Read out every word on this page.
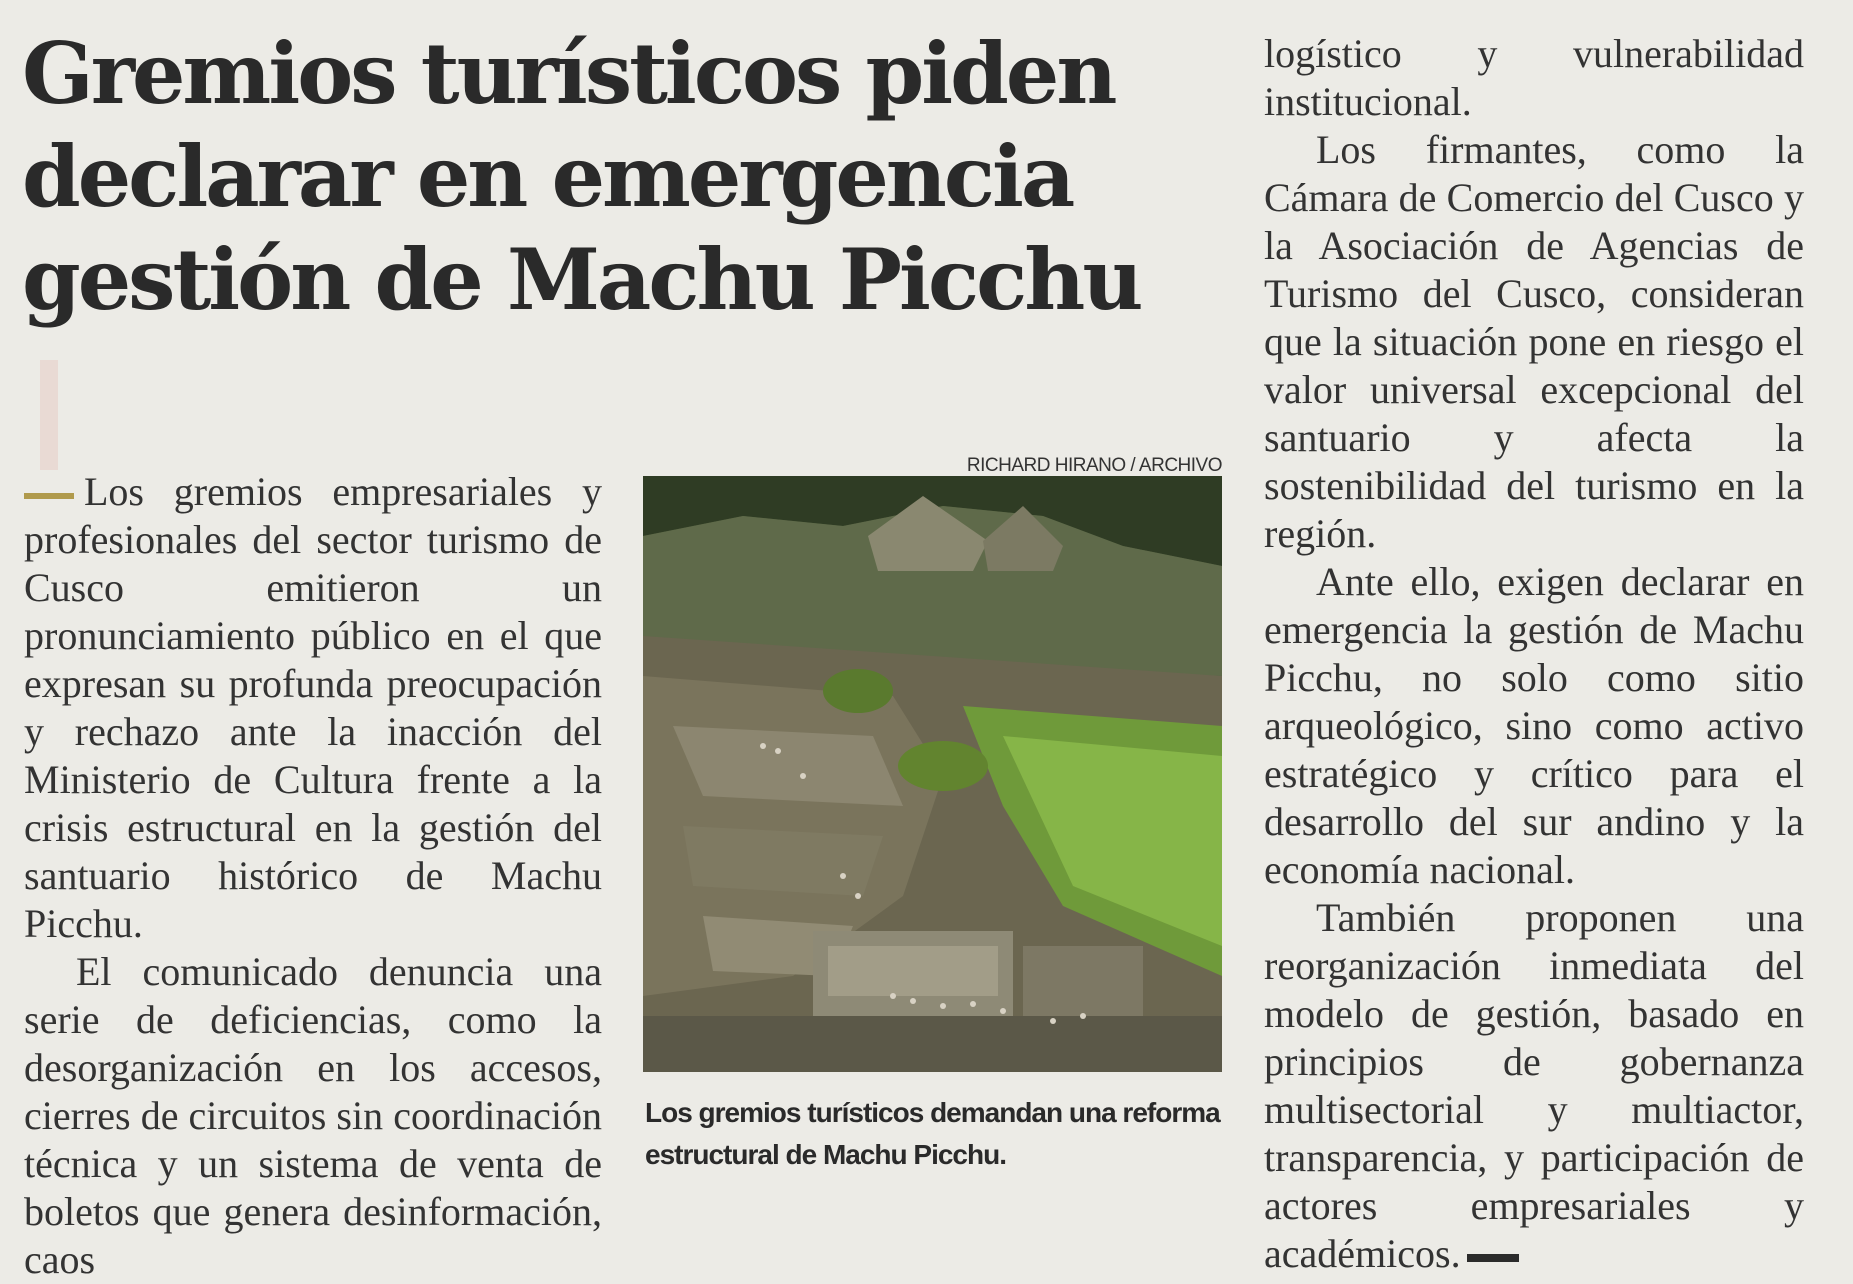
Gremios turísticos piden declarar en emergencia gestión de Machu Picchu

Los gremios empresariales y profesionales del sector turismo de Cusco emitieron un pronunciamiento público en el que expresan su profunda preocupación y rechazo ante la inacción del Ministerio de Cultura frente a la crisis estructural en la gestión del santuario histórico de Machu Picchu.

El comunicado denuncia una serie de deficiencias, como la desorganización en los accesos, cierres de circuitos sin coordinación técnica y un sistema de venta de boletos que genera desinformación, caos

RICHARD HIRANO / ARCHIVO

Los gremios turísticos demandan una reforma estructural de Machu Picchu.

logístico y vulnerabilidad institucional.

Los firmantes, como la Cámara de Comercio del Cusco y la Asociación de Agencias de Turismo del Cusco, consideran que la situación pone en riesgo el valor universal excepcional del santuario y afecta la sostenibilidad del turismo en la región.

Ante ello, exigen declarar en emergencia la gestión de Machu Picchu, no solo como sitio arqueológico, sino como activo estratégico y crítico para el desarrollo del sur andino y la economía nacional.

También proponen una reorganización inmediata del modelo de gestión, basado en principios de gobernanza multisectorial y multiactor, transparencia, y participación de actores empresariales y académicos.
